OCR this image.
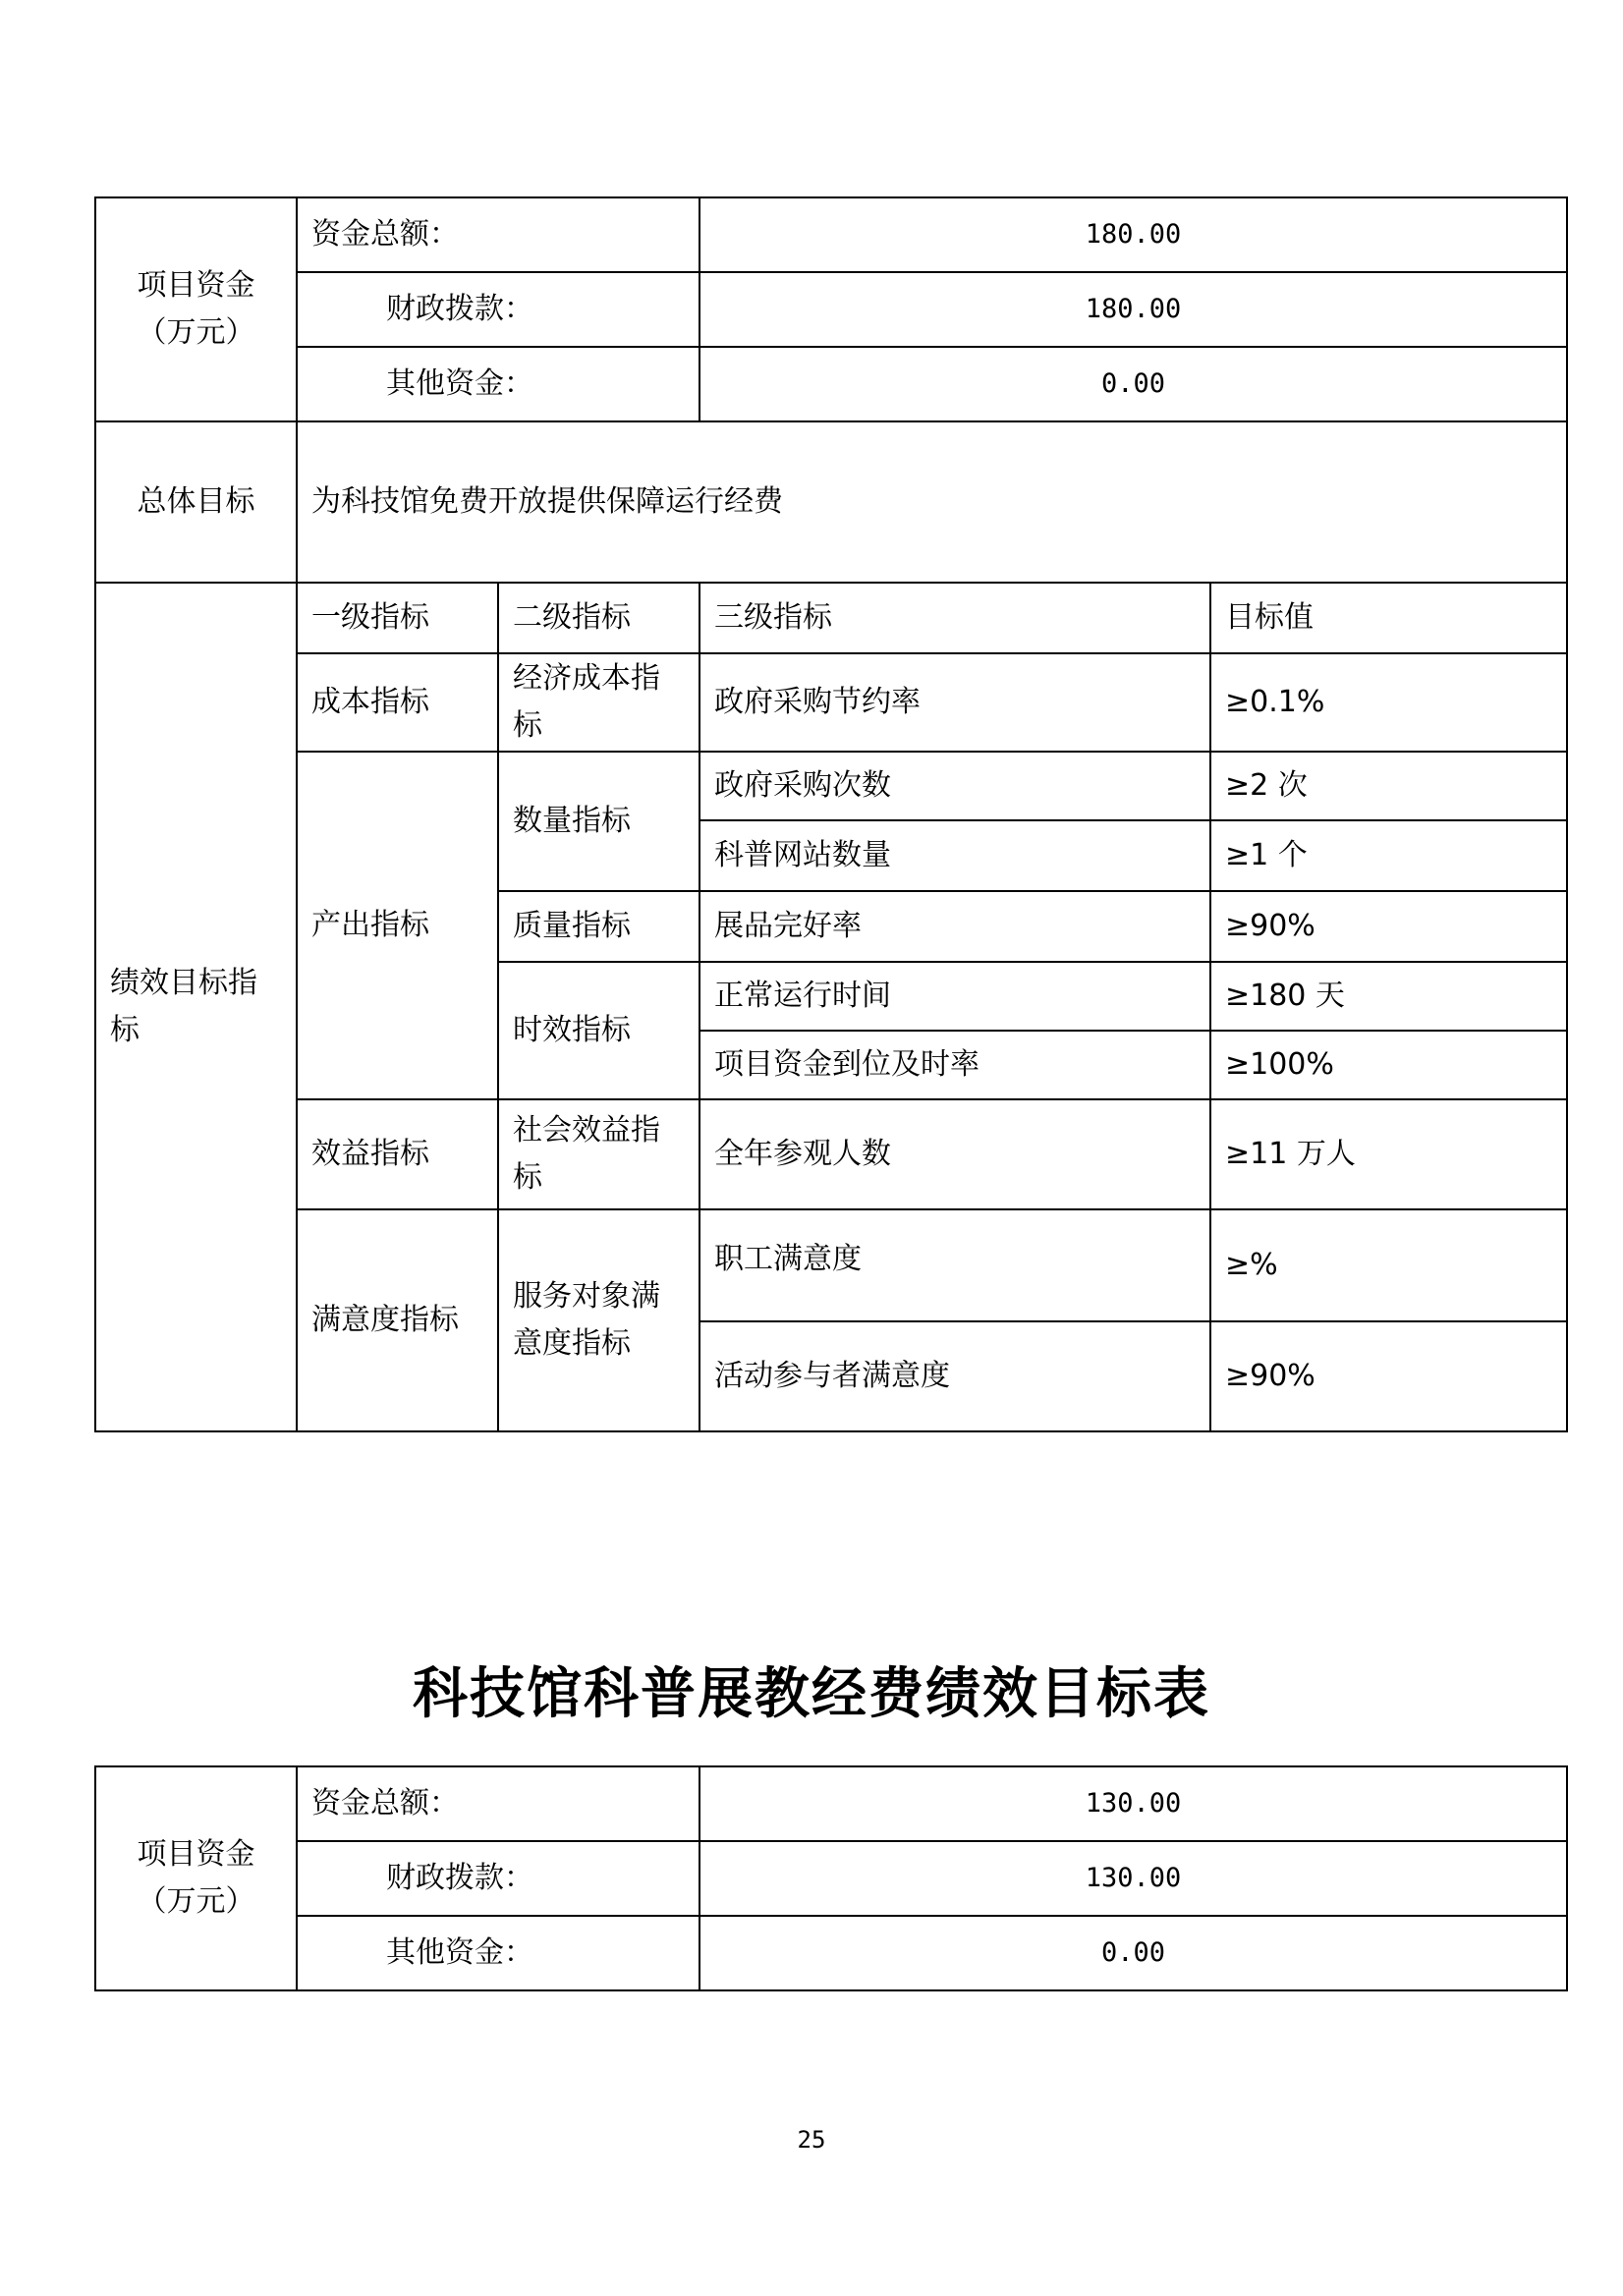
项目资金（万元）	资金总额：		180.00	
	财政拨款：		180.00	
	其他资金：		0.00	
总体目标	为科技馆免费开放提供保障运行经费			
绩效目标指标	一级指标	二级指标	三级指标	目标值
	成本指标	经济成本指标	政府采购节约率	≥0.1%
	产出指标	数量指标	政府采购次数	≥2 次
			科普网站数量	≥1 个
		质量指标	展品完好率	≥90%
		时效指标	正常运行时间	≥180 天
			项目资金到位及时率	≥100%
	效益指标	社会效益指标	全年参观人数	≥11 万人
	满意度指标	服务对象满意度指标	职工满意度	≥%
			活动参与者满意度	≥90%
科技馆科普展教经费绩效目标表
项目资金（万元）	资金总额：	130.00
	财政拨款：	130.00
	其他资金：	0.00
25
